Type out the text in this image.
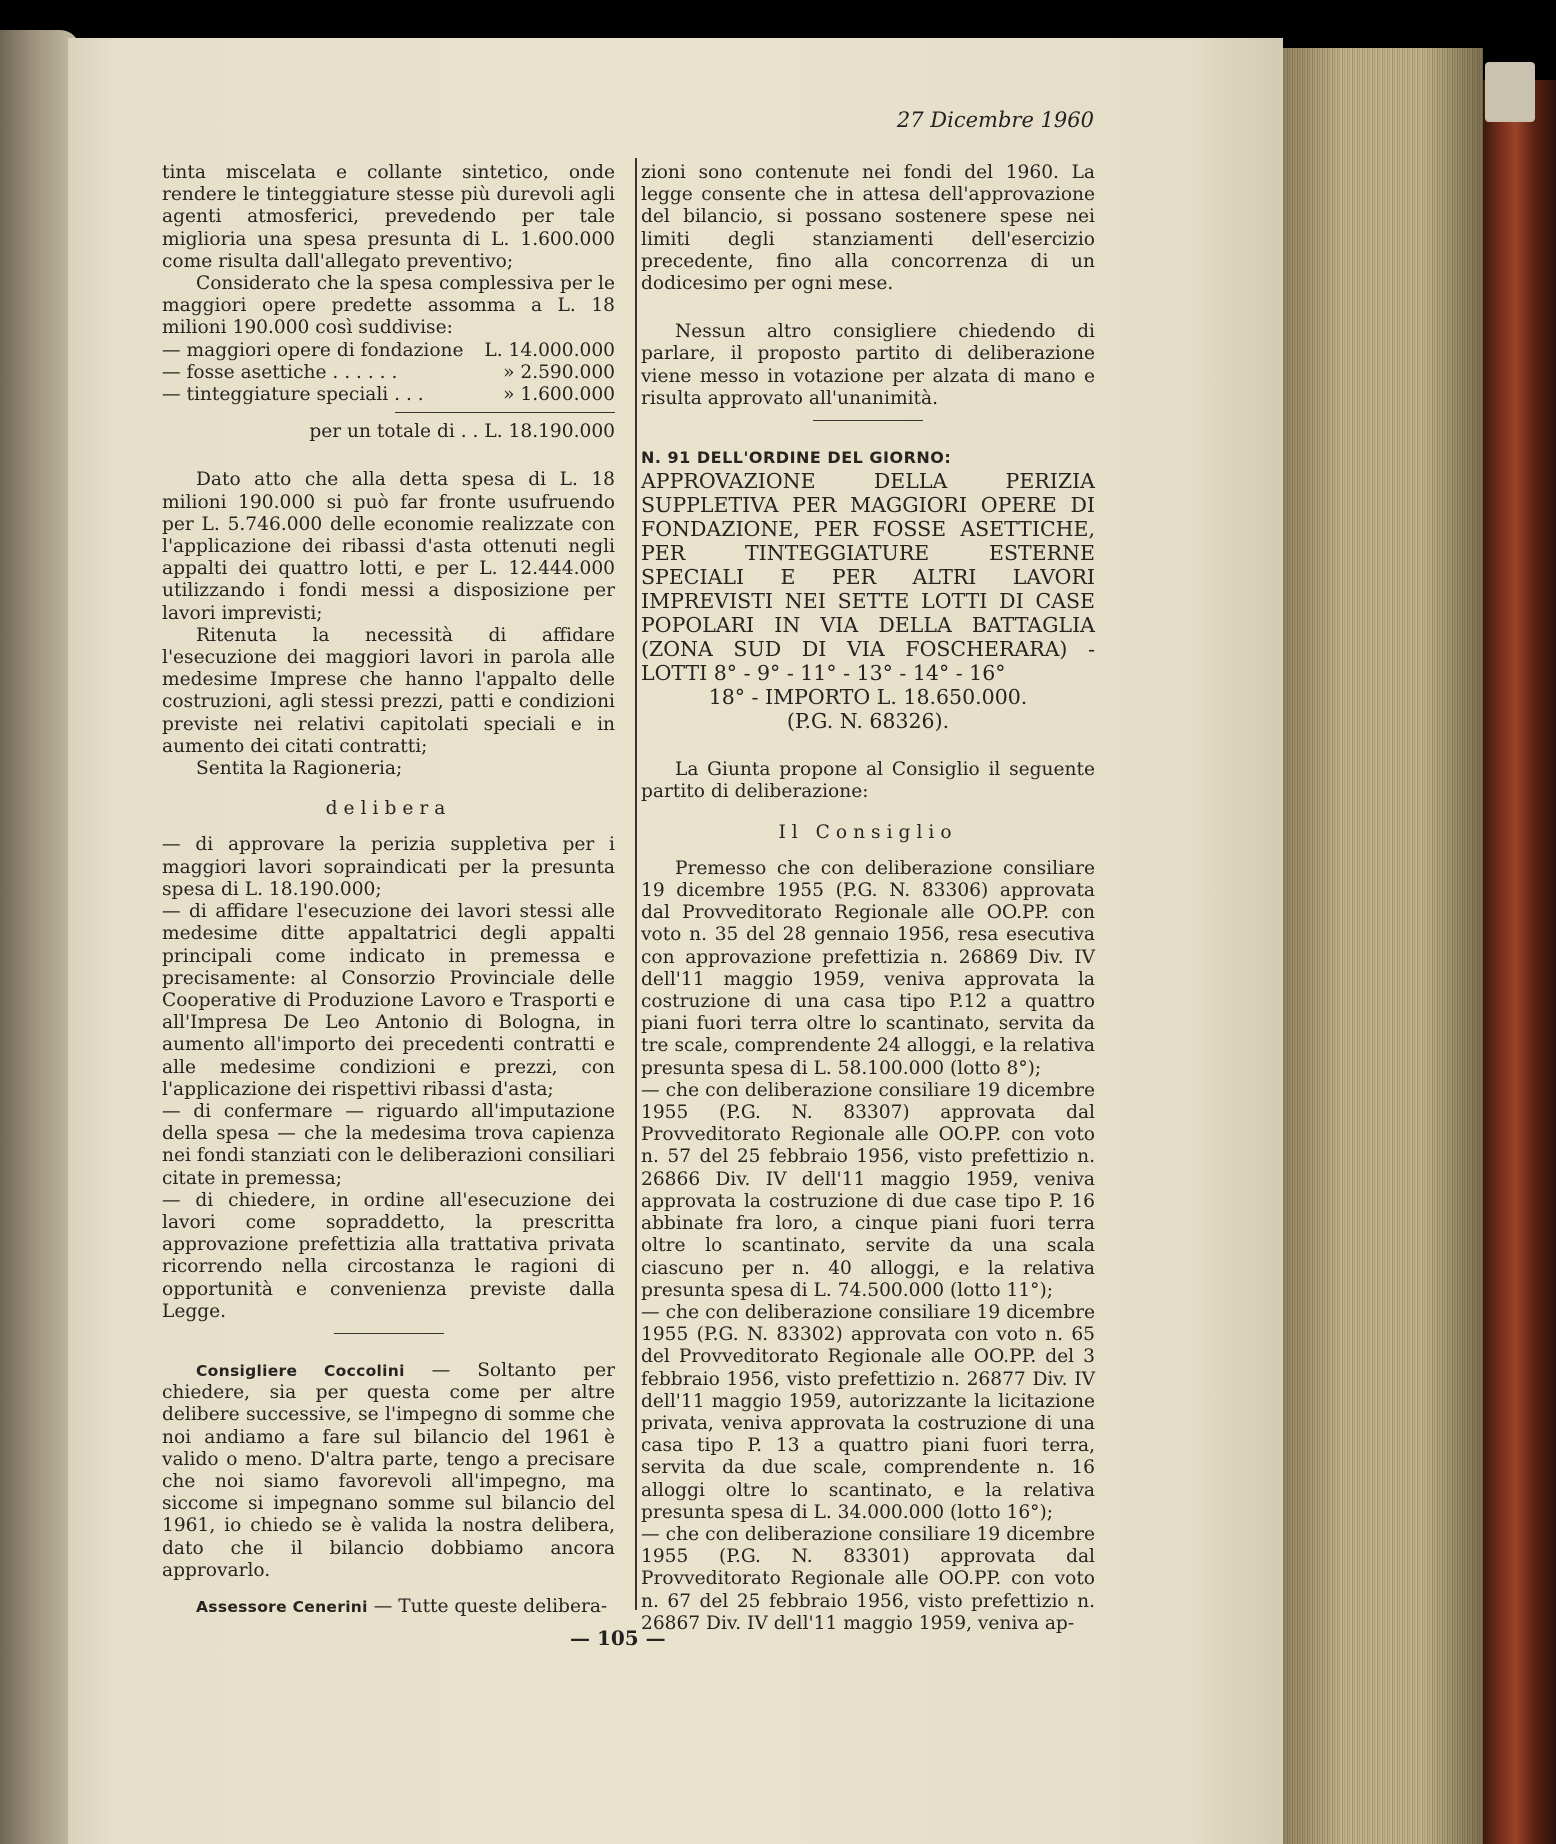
27 Dicembre 1960

tinta miscelata e collante sintetico, onde rendere le tinteggiature stesse più durevoli agli agenti atmosferici, prevedendo per tale miglioria una spesa presunta di L. 1.600.000 come risulta dall'allegato preventivo;

Considerato che la spesa complessiva per le maggiori opere predette assomma a L. 18 milioni 190.000 così suddivise:

— maggiori opere di fondazione L. 14.000.000
— fosse asettiche . . . . . .	» 2.590.000
— tinteggiature speciali . . .	» 1.600.000
per un totale di . . L. 18.190.000

Dato atto che alla detta spesa di L. 18 milioni 190.000 si può far fronte usufruendo per L. 5.746.000 delle economie realizzate con l'applicazione dei ribassi d'asta ottenuti negli appalti dei quattro lotti, e per L. 12.444.000 utilizzando i fondi messi a disposizione per lavori imprevisti;

Ritenuta la necessità di affidare l'esecuzione dei maggiori lavori in parola alle medesime Imprese che hanno l'appalto delle costruzioni, agli stessi prezzi, patti e condizioni previste nei relativi capitolati speciali e in aumento dei citati contratti;

Sentita la Ragioneria;

delibera

— di approvare la perizia suppletiva per i maggiori lavori sopraindicati per la presunta spesa di L. 18.190.000;

— di affidare l'esecuzione dei lavori stessi alle medesime ditte appaltatrici degli appalti principali come indicato in premessa e precisamente: al Consorzio Provinciale delle Cooperative di Produzione Lavoro e Trasporti e all'Impresa De Leo Antonio di Bologna, in aumento all'importo dei precedenti contratti e alle medesime condizioni e prezzi, con l'applicazione dei rispettivi ribassi d'asta;

— di confermare — riguardo all'imputazione della spesa — che la medesima trova capienza nei fondi stanziati con le deliberazioni consiliari citate in premessa;

— di chiedere, in ordine all'esecuzione dei lavori come sopraddetto, la prescritta approvazione prefettizia alla trattativa privata ricorrendo nella circostanza le ragioni di opportunità e convenienza previste dalla Legge.

Consigliere Coccolini — Soltanto per chiedere, sia per questa come per altre delibere successive, se l'impegno di somme che noi andiamo a fare sul bilancio del 1961 è valido o meno. D'altra parte, tengo a precisare che noi siamo favorevoli all'impegno, ma siccome si impegnano somme sul bilancio del 1961, io chiedo se è valida la nostra delibera, dato che il bilancio dobbiamo ancora approvarlo.

Assessore Cenerini — Tutte queste delibera-

zioni sono contenute nei fondi del 1960. La legge consente che in attesa dell'approvazione del bilancio, si possano sostenere spese nei limiti degli stanziamenti dell'esercizio precedente, fino alla concorrenza di un dodicesimo per ogni mese.

Nessun altro consigliere chiedendo di parlare, il proposto partito di deliberazione viene messo in votazione per alzata di mano e risulta approvato all'unanimità.

N. 91 DELL'ORDINE DEL GIORNO:
APPROVAZIONE DELLA PERIZIA SUPPLETIVA PER MAGGIORI OPERE DI FONDAZIONE, PER FOSSE ASETTICHE, PER TINTEGGIATURE ESTERNE SPECIALI E PER ALTRI LAVORI IMPREVISTI NEI SETTE LOTTI DI CASE POPOLARI IN VIA DELLA BATTAGLIA (ZONA SUD DI VIA FOSCHERARA) - LOTTI 8° - 9° - 11° - 13° - 14° - 16°
18° - IMPORTO L. 18.650.000.
(P.G. N. 68326).

La Giunta propone al Consiglio il seguente partito di deliberazione:

Il Consiglio

Premesso che con deliberazione consiliare 19 dicembre 1955 (P.G. N. 83306) approvata dal Provveditorato Regionale alle OO.PP. con voto n. 35 del 28 gennaio 1956, resa esecutiva con approvazione prefettizia n. 26869 Div. IV dell'11 maggio 1959, veniva approvata la costruzione di una casa tipo P.12 a quattro piani fuori terra oltre lo scantinato, servita da tre scale, comprendente 24 alloggi, e la relativa presunta spesa di L. 58.100.000 (lotto 8°);

— che con deliberazione consiliare 19 dicembre 1955 (P.G. N. 83307) approvata dal Provveditorato Regionale alle OO.PP. con voto n. 57 del 25 febbraio 1956, visto prefettizio n. 26866 Div. IV dell'11 maggio 1959, veniva approvata la costruzione di due case tipo P. 16 abbinate fra loro, a cinque piani fuori terra oltre lo scantinato, servite da una scala ciascuno per n. 40 alloggi, e la relativa presunta spesa di L. 74.500.000 (lotto 11°);

— che con deliberazione consiliare 19 dicembre 1955 (P.G. N. 83302) approvata con voto n. 65 del Provveditorato Regionale alle OO.PP. del 3 febbraio 1956, visto prefettizio n. 26877 Div. IV dell'11 maggio 1959, autorizzante la licitazione privata, veniva approvata la costruzione di una casa tipo P. 13 a quattro piani fuori terra, servita da due scale, comprendente n. 16 alloggi oltre lo scantinato, e la relativa presunta spesa di L. 34.000.000 (lotto 16°);

— che con deliberazione consiliare 19 dicembre 1955 (P.G. N. 83301) approvata dal Provveditorato Regionale alle OO.PP. con voto n. 67 del 25 febbraio 1956, visto prefettizio n. 26867 Div. IV dell'11 maggio 1959, veniva ap-

— 105 —
